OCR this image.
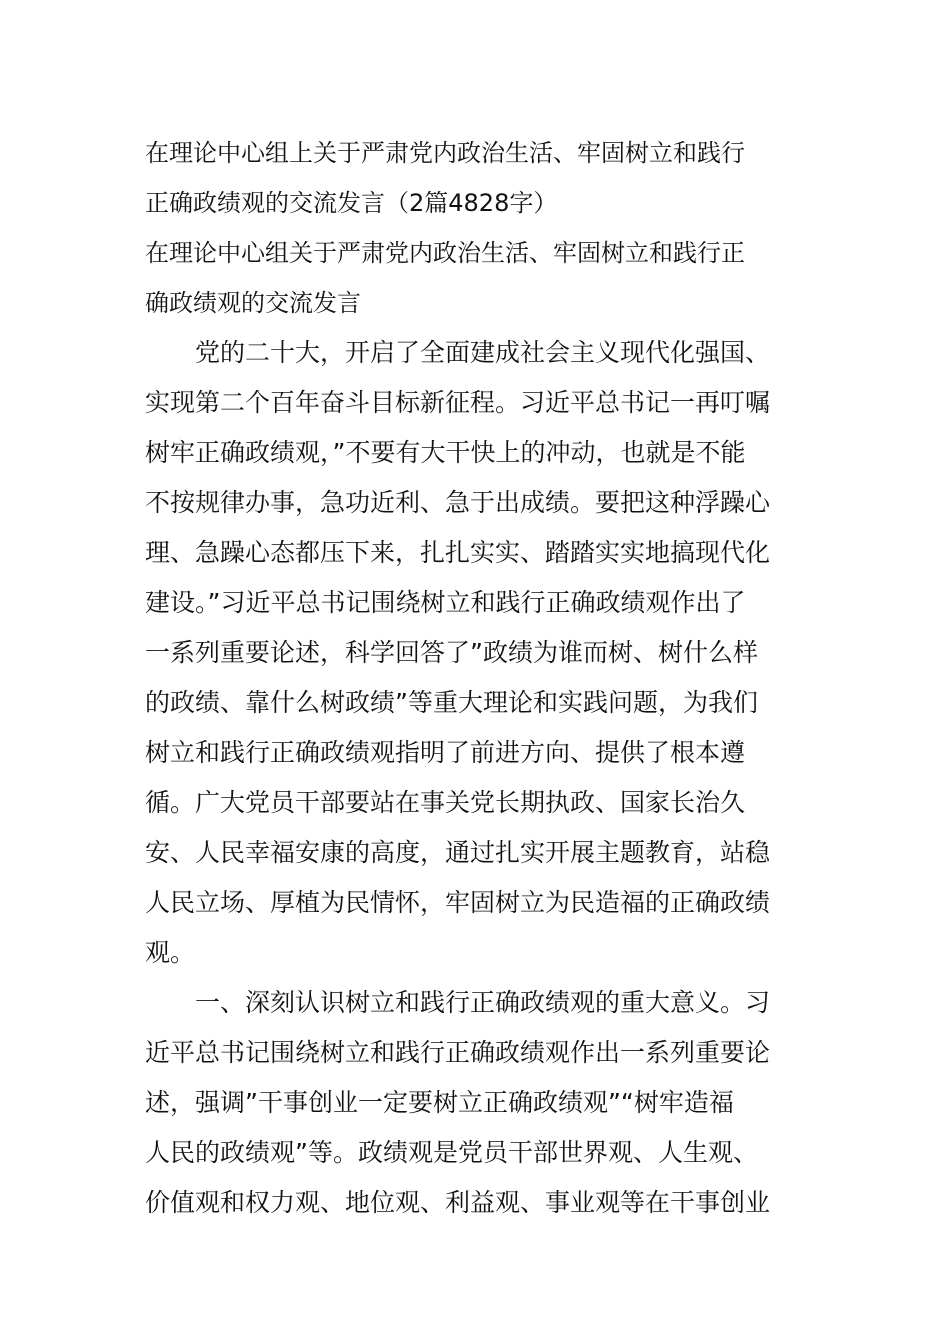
在理论中心组上关于严肃党内政治生活、牢固树立和践行
正确政绩观的交流发言（2篇4828字）
在理论中心组关于严肃党内政治生活、牢固树立和践行正
确政绩观的交流发言
党的二十大，开启了全面建成社会主义现代化强国、
实现第二个百年奋斗目标新征程。习近平总书记一再叮嘱
树牢正确政绩观，”不要有大干快上的冲动，也就是不能
不按规律办事，急功近利、急于出成绩。要把这种浮躁心
理、急躁心态都压下来，扎扎实实、踏踏实实地搞现代化
建设。”习近平总书记围绕树立和践行正确政绩观作出了
一系列重要论述，科学回答了”政绩为谁而树、树什么样
的政绩、靠什么树政绩”等重大理论和实践问题，为我们
树立和践行正确政绩观指明了前进方向、提供了根本遵
循。广大党员干部要站在事关党长期执政、国家长治久
安、人民幸福安康的高度，通过扎实开展主题教育，站稳
人民立场、厚植为民情怀，牢固树立为民造福的正确政绩
观。
一、深刻认识树立和践行正确政绩观的重大意义。习
近平总书记围绕树立和践行正确政绩观作出一系列重要论
述，强调”干事创业一定要树立正确政绩观”“树牢造福
人民的政绩观”等。政绩观是党员干部世界观、人生观、
价值观和权力观、地位观、利益观、事业观等在干事创业
